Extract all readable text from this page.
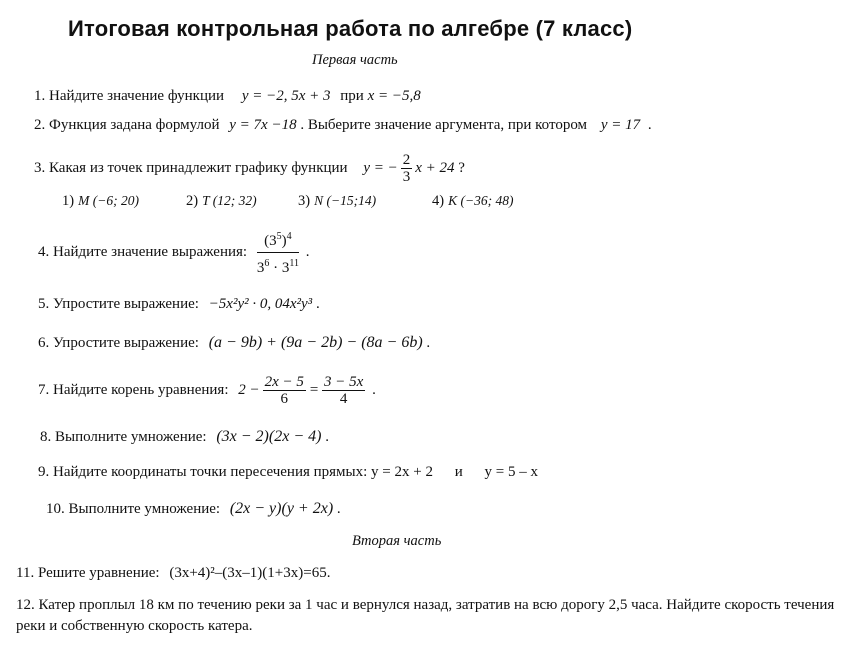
Итоговая контрольная работа по алгебре (7 класс)
Первая часть
1. Найдите значение функции y = −2, 5x + 3 при x = −5,8
2. Функция задана формулой y = 7x −18 . Выберите значение аргумента, при котором y = 17 .
3. Какая из точек принадлежит графику функции y = − $\frac{2}{3}$ x + 24 ?
1) M (−6; 20)	2) T (12; 32)	3) N (−15;14)	4) K (−36; 48)
4. Найдите значение выражения: $\frac{(3^5)^4}{3^6 \cdot 3^{11}}$ .
5. Упростите выражение: −5x²y² · 0, 04x²y³ .
6. Упростите выражение: (a − 9b) + (9a − 2b) − (8a − 6b) .
7. Найдите корень уравнения: $2 - \frac{2x - 5}{6} = \frac{3 - 5x}{4}$ .
8. Выполните умножение: (3x − 2)(2x − 4) .
9. Найдите координаты точки пересечения прямых: y = 2x + 2 и y = 5 – x
10. Выполните умножение: (2x − y)(y + 2x) .
Вторая часть
11. Решите уравнение: (3x+4)²–(3x–1)(1+3x)=65.
12. Катер проплыл 18 км по течению реки за 1 час и вернулся назад, затратив на всю дорогу 2,5 часа. Найдите скорость течения реки и собственную скорость катера.
